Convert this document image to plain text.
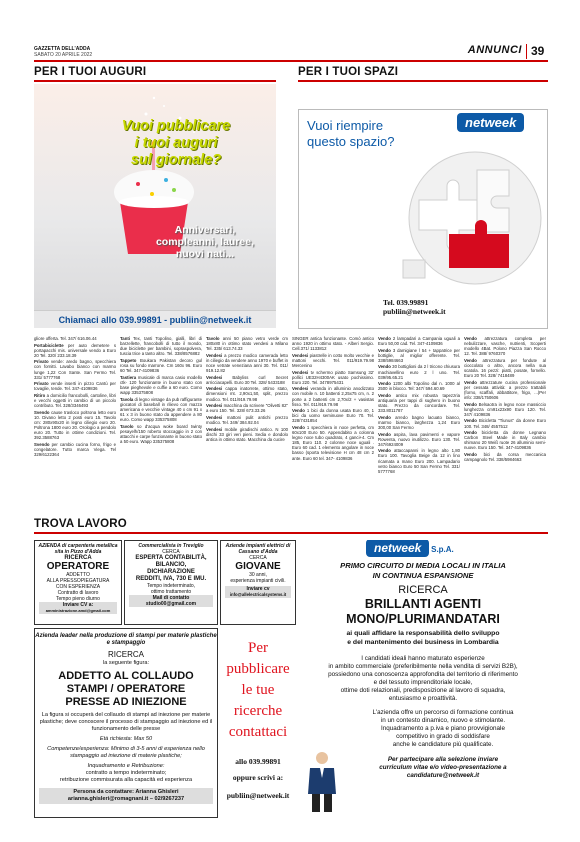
GAZZETTA DELL'ADDA
SABATO 20 APRILE 2022	ANNUNCI 39
PER I TUOI AUGURI
Vuoi pubblicare
i tuoi auguri
sul giornale?
Anniversari,
compleanni, lauree,
nuovi nati...
Chiamaci allo 039.99891 - publiin@netweek.it
PER I TUOI SPAZI
Vuoi riempire
questo spazio?
netweek
Tel. 039.99891
publiin@netweek.it

gliore offerta. Tel. 347/ 616.06.44

Portabiciclette per auto demetere s portapacchi mis. universale vendo a Euro 20 Tel. 320/ 233.18.39

Privato vende: aredo bagno, specchiera con fornitti. Lavabo bianco con marmo lunge 1,22 Con Sante. San Fermo Tel. 331/ 5777768

Privato vende inserti in pizzo Cantù per tovaglie, tende. Tel. 347-4109836

Ritiro a domicilio francobolli, cartoline, libri e vecchi oggetti in cambio di un piccolo contributo. Tel. 328/3346493

Svendo cause trasloco poltrona letto euro 10. Divano letto 2 posti euro 15. Tavolo cm: 280x90x20 in legno ciliegio euro 20. Poltrona 1800 euro 20. Orologio a pendolo euro 20. Tutto in ottime condizioni. Tel. 392.3588763

Svendo per cambio cucina forno, frigo e congelatore. Tutto marca Viega. Tel 329/6122364

Tanti Tex, tanti Topolino, gialli, libri di barzellette, francobolli di tutto il mondo, due biciclette per bambini, sopraspolvera, tuscia trice a tanto altro. Tel. 338/8576882

Tappeto Boukara Pakistan decoro gul rosa su fondo marrone. Cm 160x 96. Euro 60 Tel. 347-4109836

Tastiera musicale di marca casio modello ctk- 120 funzionante in buono stato con base pieghevole e cuffie a 60 euro. Como wapp 335375808

Tavola di legno vintage da pub raffigurante giocatori di baseball in rilievo con mazza americana e vecchie vintage 40 x cm 91 x 61 x 3 in buono stato da appendere a 80 euro. Como wapp 335375808

Tavolo so d'acqua woke board twinty pesayelh/150 roberto stoccaggio in 2 con attacchi e carpe funzionante in buono stato a 50 euro. Wapp 335375808

Tavolo anni 50 piano vetro verde cm 180x80 in ottimo stato vendesi a Milano Tel. 335/ 613.74.33

Vendesi a prezzo modico camerada letto in ciliegio da vendere anno 1970 e buffet in noce vetrate veneziana anni 30. Tel. 011/ 919.12.82

Vendesi Babyliss curl Secret arricciacapelli. Euro 30 Tel. 328/ 5433188

Vendesi cappa inatorrete, ottimo stato, dimensioni mt. 2,90x1,50, split, prezzo modico. Tel. 011/919.79.98

Vendesi macchina da scrivere "Olivetti 82" a euro 150. Tel. 328/ 673.33.26

Vendesi mattoni pulit antichi prezzo modico. Tel. 349/ 384.92.04

Vendesi mobile giradischi antico. N 100 dischi 33 giri veri pieni. Sedia e dondolo antica in ottimo stato. Macchina da cucire

SINGER antica funzionante. Comò antico anno 1920 in ottimo stato. - Alberi Sergio. Cell.371/ 1133812

Vendesi piastrelle in cotto molto vecchie e mattoni vecchi. Tel. 011/919.79.98 Mercenino

Vendesi tv schermo piatto Samsung 32' pollici UE32H4300AK usato pochissimo. Euro 220. Tel. 3478975431

Vendesi veranda in alluminio anodizzato con mobile n. 10 battenti 2,25x75 cm, n. 2 porte a 2 battenti cm 2,70x/2 + vasistas fisso. Tel. 011/919.79.98

Vendo 1 bici da donna usata Euro 40, 1 bici da uomo seminuove Euro 70. Tel. 328/7431854

Vendo 1 specchiera in noce perfetta, cm 60x100 Euro 50. Appendabito a colonna legno noce tubo quadrato, 4 ganci+4. Cm 185, Euro 110. 2 colonne noce uguali . Euro 60 cad. 1 elemento angolare in noce basso (sporta televisione H cm 48 cm 2 ante. Euro 60 tel. 347- 4109836

Vendo 2 lampadari a Campania uguali a Euro 50,00 cad. Tel. 347-4109836

Vendo 3 damigiane l 54 + tappatrice per bottiglie, al miglior offerente. Tel. 338/5984663

Vendo 30 bottiglioni da 2 l tricono chiusura machiavellino euro 2 l uno. Tel. 039/95.65.21

Vendo 1200 albi Topolino dal n. 1000 al 2500 in blocco. Tel: 347/ 594.60.69

Vendo antico mix robusta tapezzria antiquaria per tappi di sughero in buono stato. Prezzo da concordare. Tel. 333.8011787

Vendo arredo bagno lacuato bianco, marmo bianco, larghezza 1,24 Euro 300,00 San Fermo

Vendo aspira, lava pavimenti e vapore Rowenta, nuovo inutilizzo. Euro 130. Tel. 347/6924009

Vendo attaccapanni in legno alto 1,80 Euro 100. Tavoglia Beige da 12 in lino ricamata a mano Euro 200. Lampadario vetro bianco Euro 50 San Fermo Tel. 331/ 5777768

Vendo attrezzatura completa per nebulizzare, vasche, nutrienti, Scoperti modello 4Bat. Polono Piazza San Rocco 12. Tel. 388/ 9760370

Vendo attrezzatura per fondute al cioccolato o altro, ancora nella sua scatola. 16 pezzi: piatti, posate, fornello. Euro 20 Tel. 328/ 7418489

Vendo attrezzature cucina professionale per cessata attività: a prezzo trattabili (forno, scaffali, abbattitore, frigo, ...)Per info: 338/1750606

Vendo Belsaotra in legno noce massiccio lunghezza cm91x23x90 Euro 120. Tel. 347/ 4109836

Vendo Bicicletta "Tiunus" da donne Euro 100. Tel. 348/ 4557512

Vendo bicicletta da donne Legnano Carbon Steel Made in Italy cambio shimano 20 Weiß ruote 26 alluminio semi-nuove. Euro 150. Tel. 347-4109836

Vendo bici da corsa meccanica campagnolo Tel. 338/5984663

TROVA LAVORO
AZIENDA di carpenteria metallica sita in Pizzo d'Adda
RICERCA
OPERATORE
ADDETTO
ALLA PRESSOPIEGATURA
CON ESPERIENZA
Contratto di lavoro
Tempo pieno diurno
Inviare CV a:
amministrazione.amd@gmail.com
Commercialista in Treviglio
CERCA
ESPERTA CONTABILITÀ,
BILANCIO,
DICHIARAZIONE
REDDITI, IVA, 730 E IMU.
Tempo indeterminato,
ottimo trattamento
Mail di contatto
studio00@gmail.com
Aziende impianti elettrici di Cassano d'Adda
CERCA
GIOVANE
30 anni,
esperienza impianti civili.
Inviare cv
info@allelectricalsystems.it
Azienda leader nella produzione di stampi per materie plastiche e stampaggio
RICERCA
la seguente figura:
ADDETTO AL COLLAUDO
STAMPI / OPERATORE
PRESSE AD INIEZIONE
La figura si occuperà del collaudo di stampi ad iniezione per materie plastiche; deve conoscere il processo di stampaggio ad iniezione ed il funzionamento delle presse
Età richiesta: Max 50
Competenze/esperienza: Minimo di 3-5 anni di esperienza nello stampaggio ad iniezione di materie plastiche;
Inquadramento e Retribuzione:
contratto a tempo indeterminato;
retribuzione commisurata alla capacità ed esperienza
Persona da contattare: Arianna Ghisleri
arianna.ghisleri@romagnani.it – 02/9267237
Per
pubblicare
le tue
ricerche
contattaci
allo 039.99891
oppure scrivi a:
publiin@netweek.it
netweek S.p.A.
PRIMO CIRCUITO DI MEDIA LOCALI IN ITALIA
IN CONTINUA ESPANSIONE
RICERCA
BRILLANTI AGENTI
MONO/PLURIMANDATARI
ai quali affidare la responsabilità dello sviluppo
e del mantenimento dei business in Lombardia
I candidati ideali hanno maturato esperienze
in ambito commerciale (preferibilmente nella vendita di servizi B2B),
possiedono una conoscenza approfondita del territorio di riferimento
e del tessuto imprenditoriale locale,
ottime doti relazionali, predisposizione al lavoro di squadra,
entusiasmo e proattività.
L'azienda offre un percorso di formazione continua
in un contesto dinamico, nuovo e stimolante.
Inquadramento a p.iva e piano provvigionale
competitivo in grado di soddisfare
anche le candidature più qualificate.
Per partecipare alla selezione inviare
curriculum vitae e/o video-presentazione a
candidature@netweek.it
